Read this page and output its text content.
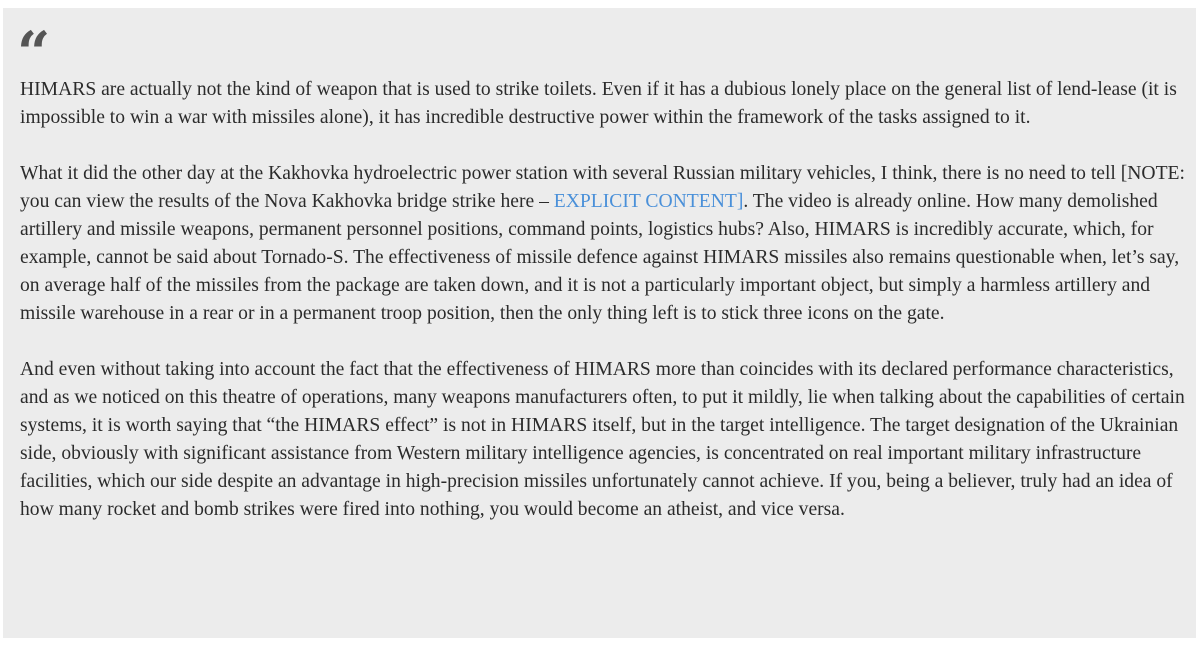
“

HIMARS are actually not the kind of weapon that is used to strike toilets. Even if it has a dubious lonely place on the general list of lend-lease (it is impossible to win a war with missiles alone), it has incredible destructive power within the framework of the tasks assigned to it.

What it did the other day at the Kakhovka hydroelectric power station with several Russian military vehicles, I think, there is no need to tell [NOTE: you can view the results of the Nova Kakhovka bridge strike here – EXPLICIT CONTENT]. The video is already online. How many demolished artillery and missile weapons, permanent personnel positions, command points, logistics hubs? Also, HIMARS is incredibly accurate, which, for example, cannot be said about Tornado-S. The effectiveness of missile defence against HIMARS missiles also remains questionable when, let’s say, on average half of the missiles from the package are taken down, and it is not a particularly important object, but simply a harmless artillery and missile warehouse in a rear or in a permanent troop position, then the only thing left is to stick three icons on the gate.

And even without taking into account the fact that the effectiveness of HIMARS more than coincides with its declared performance characteristics, and as we noticed on this theatre of operations, many weapons manufacturers often, to put it mildly, lie when talking about the capabilities of certain systems, it is worth saying that “the HIMARS effect” is not in HIMARS itself, but in the target intelligence. The target designation of the Ukrainian side, obviously with significant assistance from Western military intelligence agencies, is concentrated on real important military infrastructure facilities, which our side despite an advantage in high-precision missiles unfortunately cannot achieve. If you, being a believer, truly had an idea of how many rocket and bomb strikes were fired into nothing, you would become an atheist, and vice versa.
